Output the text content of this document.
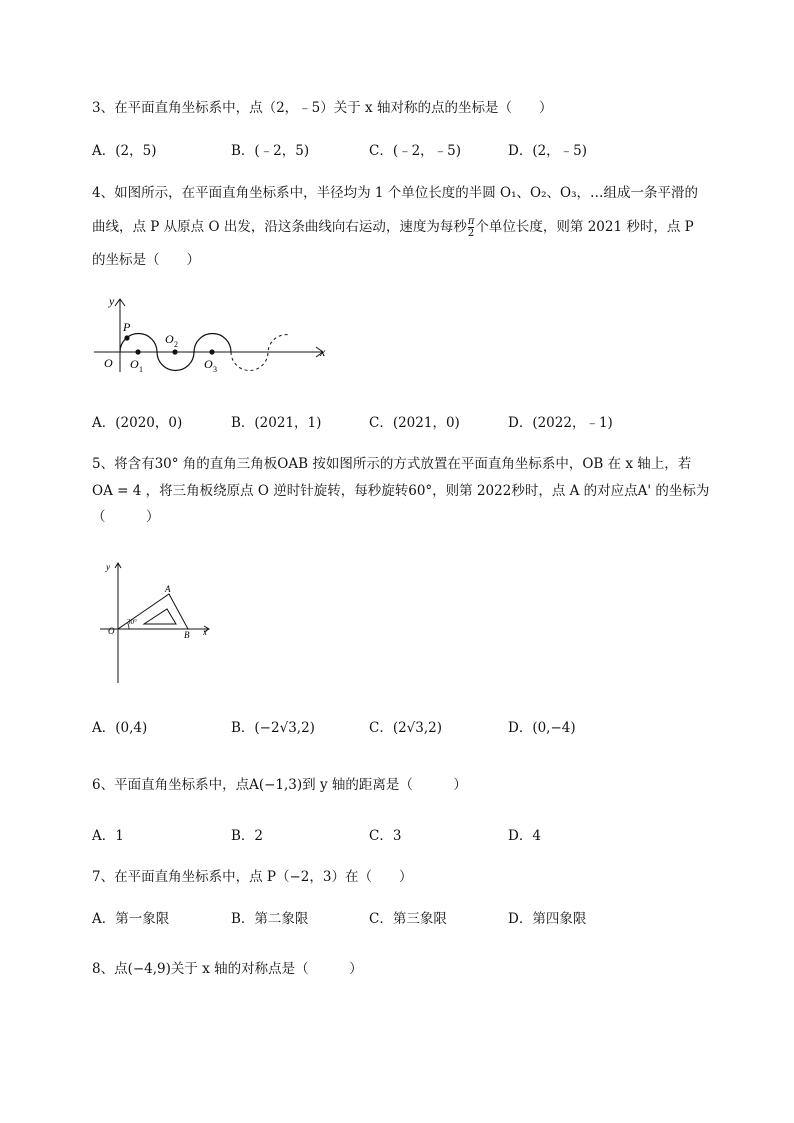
3、在平面直角坐标系中，点（2，﹣5）关于 x 轴对称的点的坐标是（　　）
A．(2，5)	B．(﹣2，5)	C．(﹣2，﹣5)	D．(2，﹣5)
4、如图所示，在平面直角坐标系中，半径均为 1 个单位长度的半圆 O₁、O₂、O₃，…组成一条平滑的
曲线，点 P 从原点 O 出发，沿这条曲线向右运动，速度为每秒 $\frac{\pi}{2}$ 个单位长度，则第 2021 秒时，点 P
的坐标是（　　）
y
x
O
P
O 1
O 2
O 3
A．(2020，0)	B．(2021，1)	C．(2021，0)	D．(2022，﹣1)
5、将含有30° 角的直角三角板OAB 按如图所示的方式放置在平面直角坐标系中，OB 在 x 轴上，若
OA = 4 ，将三角板绕原点 O 逆时针旋转，每秒旋转60°，则第 2022秒时，点 A 的对应点A' 的坐标为
（　　　）
y
x
O
A
B
30°
A．(0,4)	B．(−2√3,2)	C．(2√3,2)	D．(0,−4)
6、平面直角坐标系中，点A(−1,3)到 y 轴的距离是（　　　）
A．1	B．2	C．3	D．4
7、在平面直角坐标系中，点 P（−2，3）在（　　）
A．第一象限	B．第二象限	C．第三象限	D．第四象限
8、点(−4,9)关于 x 轴的对称点是（　　　）
